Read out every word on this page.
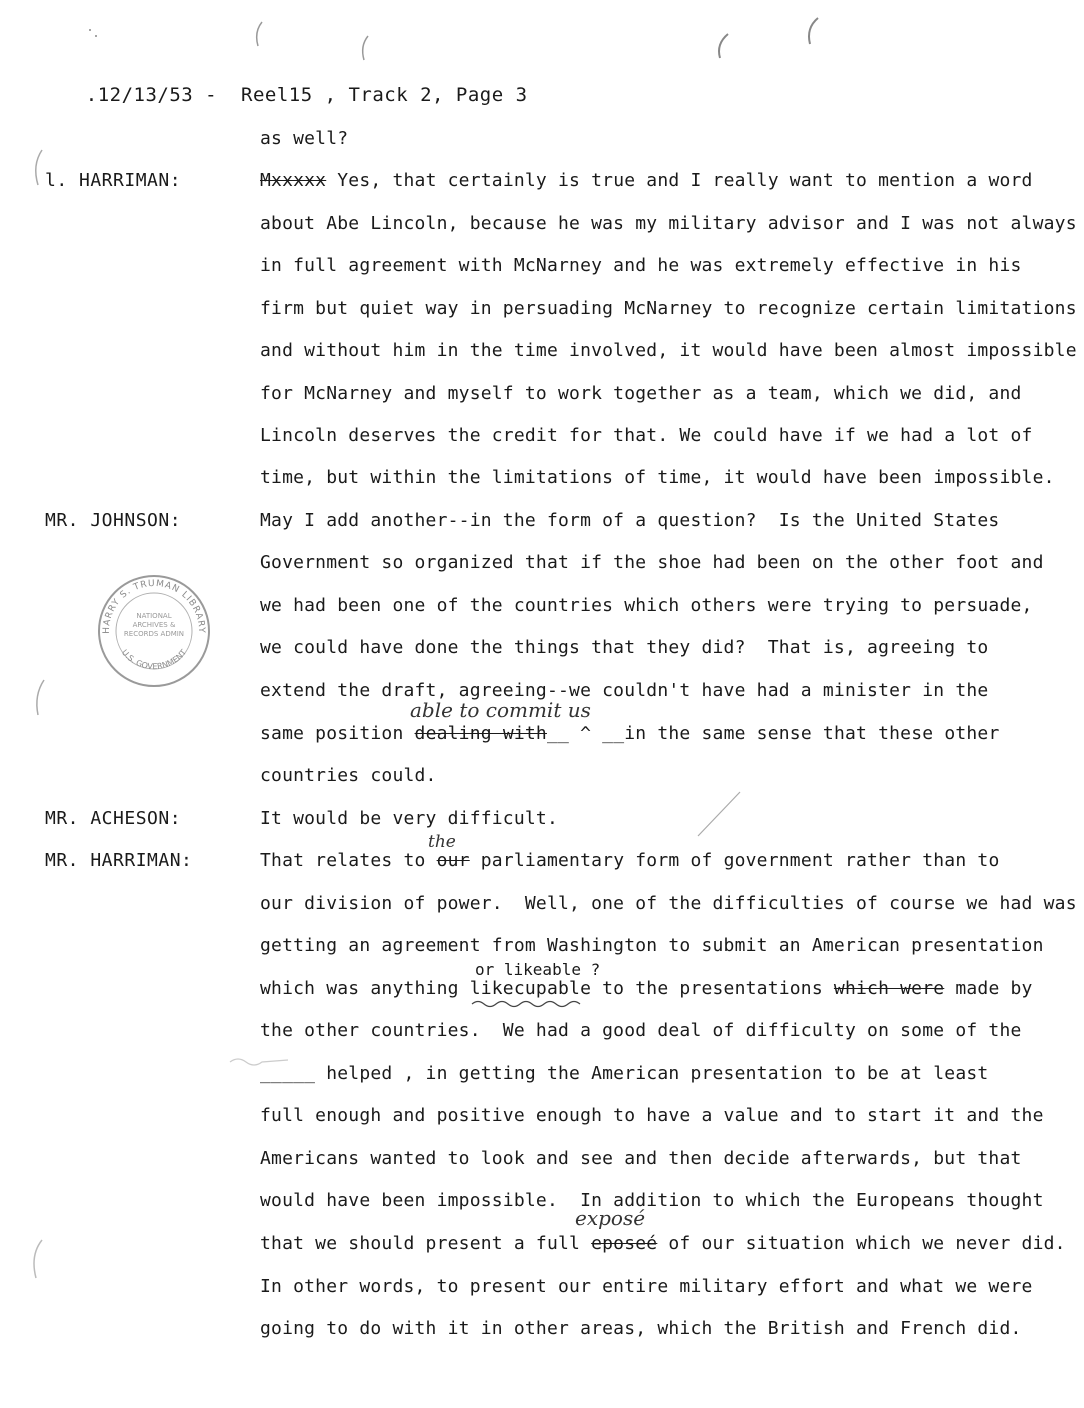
.12/13/53 - Reel15 , Track 2, Page 3

as well?
l. HARRIMAN:	Mxxxxx Yes, that certainly is true and I really want to mention a word
about Abe Lincoln, because he was my military advisor and I was not always
in full agreement with McNarney and he was extremely effective in his
firm but quiet way in persuading McNarney to recognize certain limitations
and without him in the time involved, it would have been almost impossible
for McNarney and myself to work together as a team, which we did, and
Lincoln deserves the credit for that. We could have if we had a lot of
time, but within the limitations of time, it would have been impossible.
MR. JOHNSON:	May I add another--in the form of a question?  Is the United States
Government so organized that if the shoe had been on the other foot and
we had been one of the countries which others were trying to persuade,
we could have done the things that they did?  That is, agreeing to
extend the draft, agreeing--we couldn't have had a minister in the
able to commit us
same position dealing with__ ^ __in the same sense that these other
countries could.
MR. ACHESON:	It would be very difficult.
the
MR. HARRIMAN:	That relates to our parliamentary form of government rather than to
our division of power.  Well, one of the difficulties of course we had was
getting an agreement from Washington to submit an American presentation
or likeable ?
which was anything likecupable to the presentations which were made by
the other countries.  We had a good deal of difficulty on some of the
_____ helped , in getting the American presentation to be at least
full enough and positive enough to have a value and to start it and the
Americans wanted to look and see and then decide afterwards, but that
would have been impossible.  In addition to which the Europeans thought
exposé
that we should present a full eposeé of our situation which we never did.
In other words, to present our entire military effort and what we were
going to do with it in other areas, which the British and French did.
HARRY S. TRUMAN LIBRARY
U.S. GOVERNMENT
NATIONAL ARCHIVES & RECORDS ADMIN
